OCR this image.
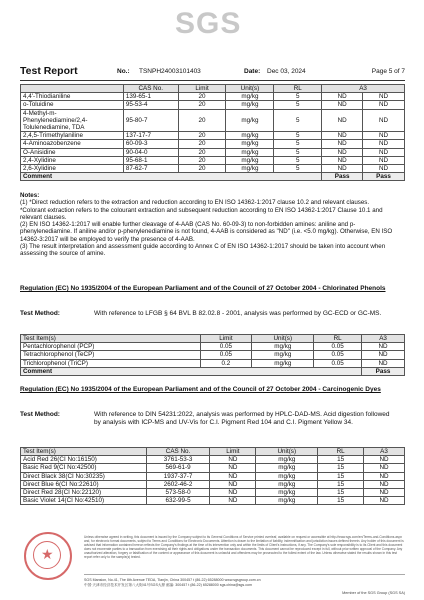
SGS
Test Report	No.: TSNPH24003101403	Date: Dec 03, 2024	Page 5 of 7
	CAS No.	Limit	Unit(s)	RL	A3	
4,4'-Thiodianiline	139-65-1	20	mg/kg	5	ND	ND
o-Toluidine	95-53-4	20	mg/kg	5	ND	ND
4-Methyl-m-Phenylenediamine/2,4-Tolulenediamine, TDA	95-80-7	20	mg/kg	5	ND	ND
2,4,5-Trimethylaniline	137-17-7	20	mg/kg	5	ND	ND
4-Aminoazobenzene	60-09-3	20	mg/kg	5	ND	ND
O-Anisidine	90-04-0	20	mg/kg	5	ND	ND
2,4-Xylidine	95-68-1	20	mg/kg	5	ND	ND
2,6-Xylidine	87-62-7	20	mg/kg	5	ND	ND
Comment					Pass	Pass

Notes:

(1) *Direct reduction refers to the extraction and reduction according to EN ISO 14362-1:2017 clause 10.2 and relevant clauses.

*Colorant extraction refers to the colourant extraction and subsequent reduction according to EN ISO 14362-1:2017 Clause 10.1 and relevant clauses.

(2) EN ISO 14362-1:2017 will enable further cleavage of 4-AAB (CAS No. 60-09-3) to non-forbidden amines: aniline and p-phenylenediamine. If aniline and/or p-phenylenediamine is not found, 4-AAB is considered as "ND" (i.e. <5.0 mg/kg). Otherwise, EN ISO 14362-3:2017 will be employed to verify the presence of 4-AAB.

(3) The result interpretation and assessment guide according to Annex C of EN ISO 14362-1:2017 should be taken into account when assessing the source of amine.

Regulation (EC) No 1935/2004 of the European Parliament and of the Council of 27 October 2004 - Chlorinated Phenols
Test Method:	With reference to LFGB § 64 BVL B 82.02.8 - 2001, analysis was performed by GC-ECD or GC-MS.
Test Item(s)	Limit	Unit(s)	RL	A3
Pentachlorophenol (PCP)	0.05	mg/kg	0.05	ND
Tetrachlorophenol (TeCP)	0.05	mg/kg	0.05	ND
Trichlorophenol (TriCP)	0.2	mg/kg	0.05	ND
Comment				Pass
Regulation (EC) No 1935/2004 of the European Parliament and of the Council of 27 October 2004 - Carcinogenic Dyes
Test Method:	With reference to DIN 54231:2022, analysis was performed by HPLC-DAD-MS. Acid digestion followed by analysis with ICP-MS and UV-Vis for C.I. Pigment Red 104 and C.I. Pigment Yellow 34.
Test Item(s)	CAS No.	Limit	Unit(s)	RL	A3
Acid Red 26(CI No:16150)	3761-53-3	ND	mg/kg	15	ND
Basic Red 9(CI No:42500)	569-61-9	ND	mg/kg	15	ND
Direct Black 38(CI No:30235)	1937-37-7	ND	mg/kg	15	ND
Direct Blue 6(CI No:22610)	2602-46-2	ND	mg/kg	15	ND
Direct Red 28(CI No:22120)	573-58-0	ND	mg/kg	15	ND
Basic Violet 14(CI No:42510)	632-99-5	ND	mg/kg	15	ND
★
Unless otherwise agreed in writing, this document is issued by the Company subject to its General Conditions of Service printed overleaf, available on request or accessible at http://www.sgs.com/en/Terms-and-Conditions.aspx and, for electronic format documents, subject to Terms and Conditions for Electronic Documents. Attention is drawn to the limitation of liability, indemnification and jurisdiction issues defined therein. Any holder of this document is advised that information contained hereon reflects the Company's findings at the time of its intervention only and within the limits of Client's instructions, if any. The Company's sole responsibility is to its Client and this document does not exonerate parties to a transaction from exercising all their rights and obligations under the transaction documents. This document cannot be reproduced except in full, without prior written approval of the Company. Any unauthorized alteration, forgery or falsification of the content or appearance of this document is unlawful and offenders may be prosecuted to the fullest extent of the law. Unless otherwise stated the results shown in this test report refer only to the sample(s) tested.
SGS Mansion, No.41, The 8th Avenue TEDA, Tianjin, China 300457 t (86-22) 65288000 www.sgsgroup.com.cn
中国·天津市经济技术开发区第八大街41号SGS大厦 邮编: 300457 t (86-22) 65288000 sgs.china@sgs.com
Member of the SGS Group (SGS SA)
